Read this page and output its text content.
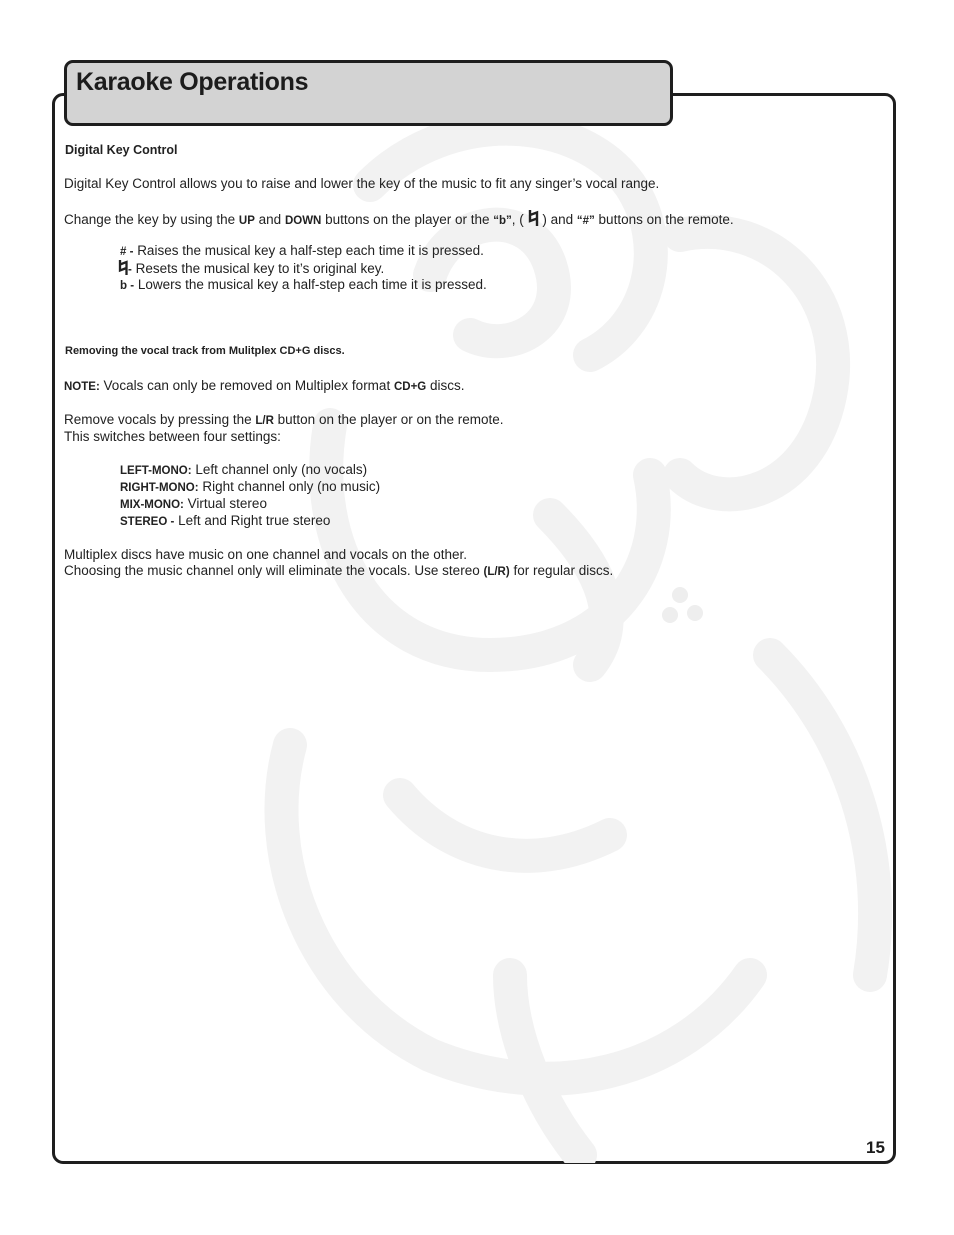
Karaoke Operations
Digital Key Control
Digital Key Control allows you to raise and lower the key of the music to fit any singer’s vocal range.
Change the key by using the UP and DOWN buttons on the player or the “b”, ( ) and “#” buttons on the remote.
# - Raises the musical key a half-step each time it is pressed.
- Resets the musical key to it’s original key.
b - Lowers the musical key a half-step each time it is pressed.
Removing the vocal track from Mulitplex CD+G discs.
NOTE: Vocals can only be removed on Multiplex format CD+G discs.
Remove vocals by pressing the L/R button on the player or on the remote.
This switches between four settings:
LEFT-MONO: Left channel only (no vocals)
RIGHT-MONO: Right channel only (no music)
MIX-MONO: Virtual stereo
STEREO - Left and Right true stereo
Multiplex discs have music on one channel and vocals on the other.
Choosing the music channel only will eliminate the vocals. Use stereo (L/R) for regular discs.
15
